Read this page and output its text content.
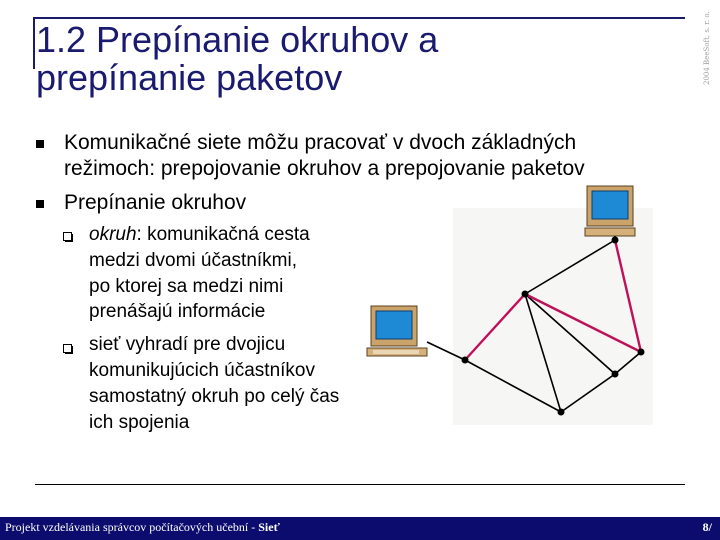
1.2 Prepínanie okruhov a
prepínanie paketov	2004 BeeSoft, s. r. o.
Komunikačné siete môžu pracovať v dvoch základných
režimoch: prepojovanie okruhov a prepojovanie paketov
Prepínanie okruhov
okruh: komunikačná cesta
medzi dvomi účastníkmi,
po ktorej sa medzi nimi
prenášajú informácie
sieť vyhradí pre dvojicu
komunikujúcich účastníkov
samostatný okruh po celý čas
ich spojenia
Projekt vzdelávania správcov počítačových učební - Sieť	8/
